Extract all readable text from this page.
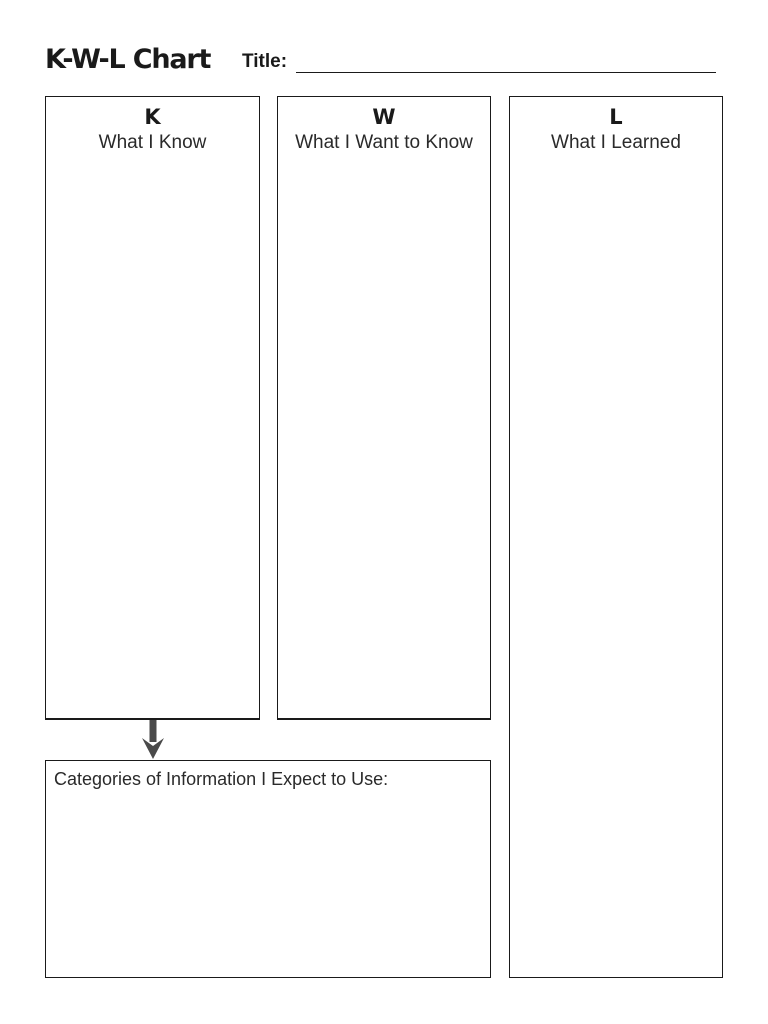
K-W-L Chart Title:
K
What I Know
W
What I Want to Know
L
What I Learned
Categories of Information I Expect to Use:
